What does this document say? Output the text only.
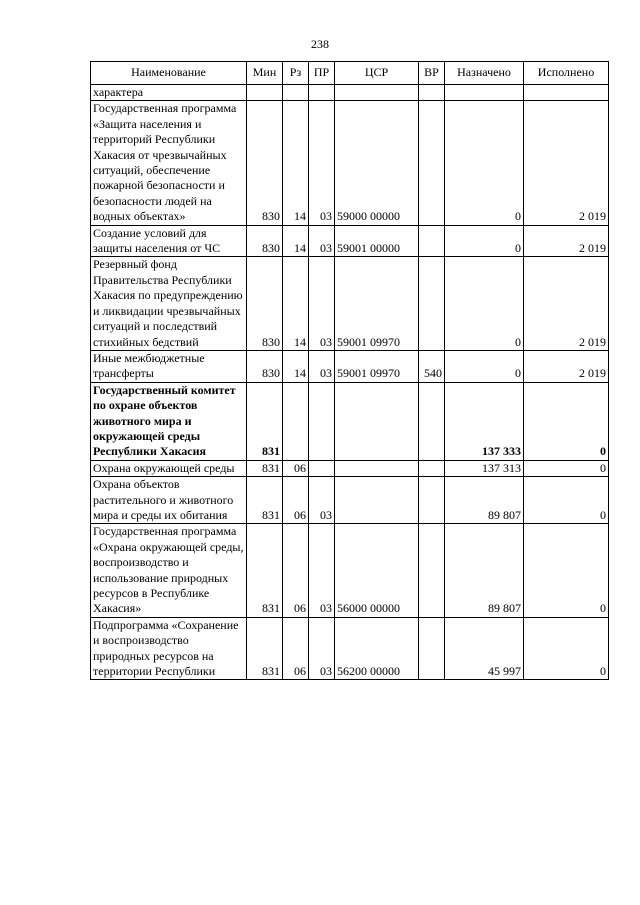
238
Наименование	Мин	Рз	ПР	ЦСР	ВР	Назначено	Исполнено
характера							
Государственная программа «Защита населения и территорий Республики Хакасия от чрезвычайных ситуаций, обеспечение пожарной безопасности и безопасности людей на водных объектах»	830	14	03	59000 00000		0	2 019
Создание условий для защиты населения от ЧС	830	14	03	59001 00000		0	2 019
Резервный фонд Правительства Республики Хакасия по предупреждению и ликвидации чрезвычайных ситуаций и последствий стихийных бедствий	830	14	03	59001 09970		0	2 019
Иные межбюджетные трансферты	830	14	03	59001 09970	540	0	2 019
Государственный комитет по охране объектов животного мира и окружающей среды Республики Хакасия	831					137 333	0
Охрана окружающей среды	831	06				137 313	0
Охрана объектов растительного и животного мира и среды их обитания	831	06	03			89 807	0
Государственная программа «Охрана окружающей среды, воспроизводство и использование природных ресурсов в Республике Хакасия»	831	06	03	56000 00000		89 807	0
Подпрограмма «Сохранение и воспроизводство природных ресурсов на территории Республики	831	06	03	56200 00000		45 997	0
